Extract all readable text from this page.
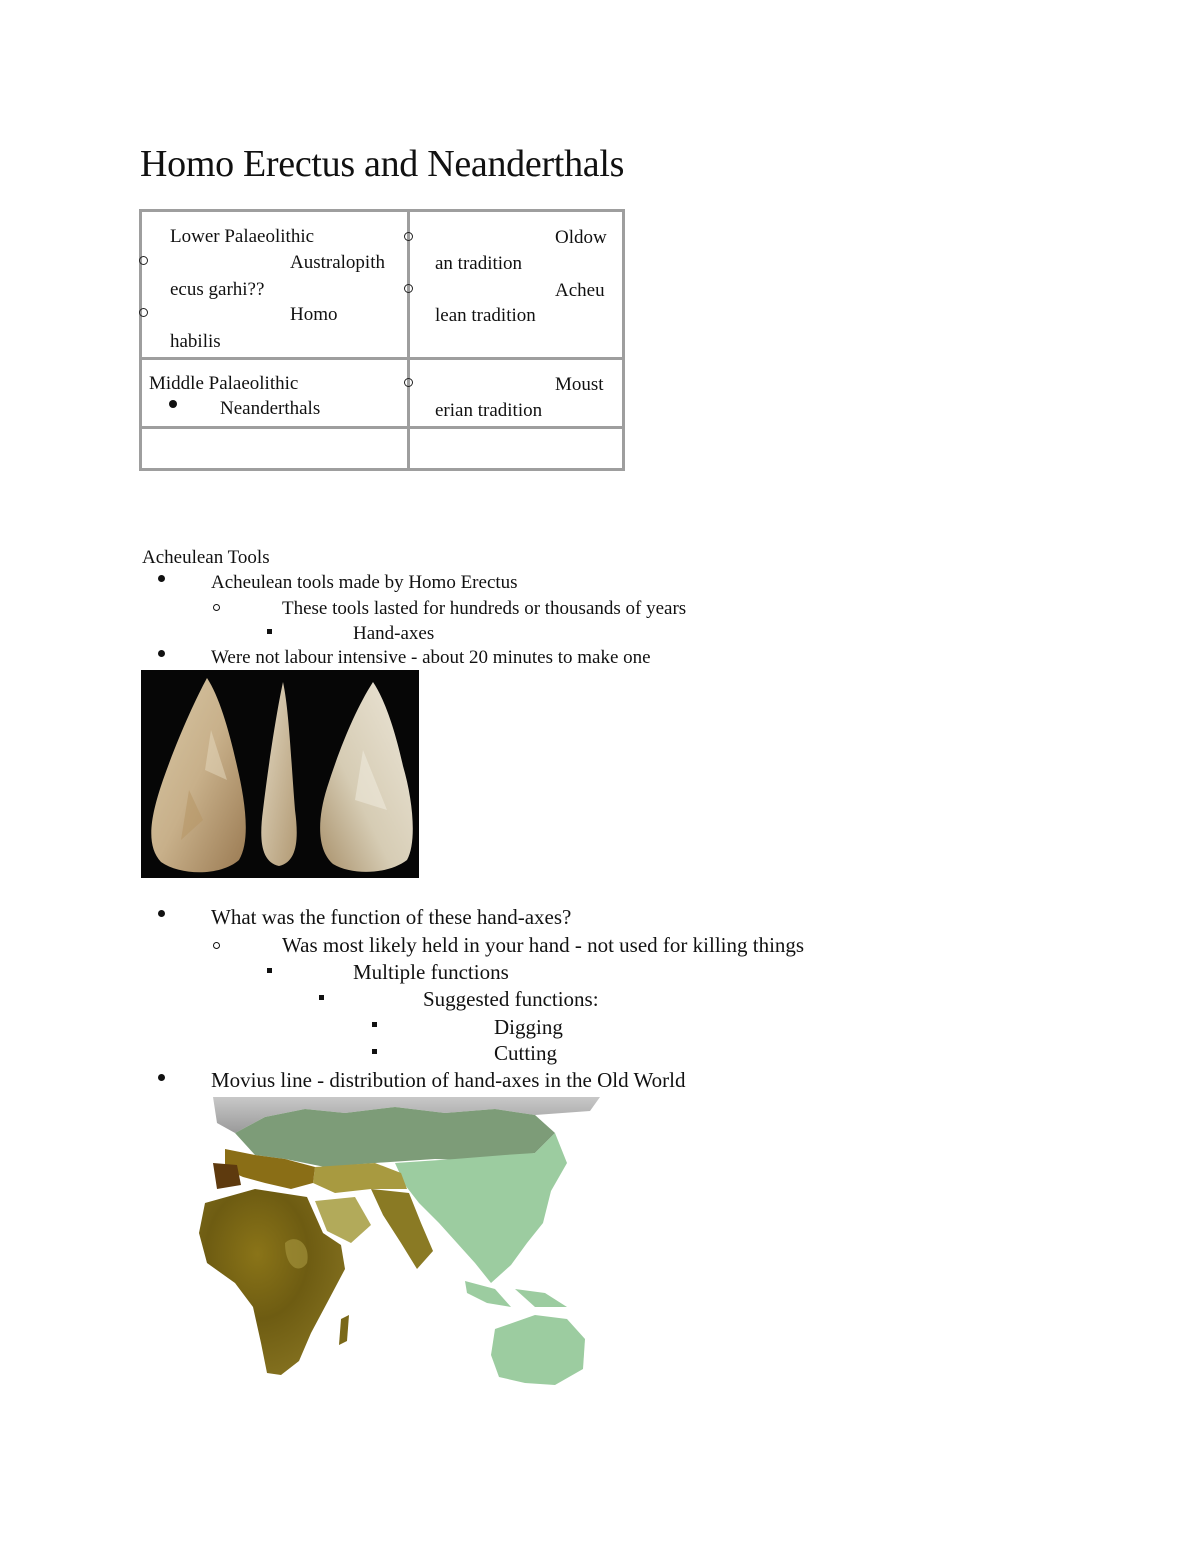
Homo Erectus and Neanderthals
Lower Palaeolithic
Australopith
ecus garhi??
Homo
habilis
Oldow
an tradition
Acheu
lean tradition
Middle Palaeolithic
Neanderthals
Moust
erian tradition
Acheulean Tools
Acheulean tools made by Homo Erectus
These tools lasted for hundreds or thousands of years
Hand-axes
Were not labour intensive - about 20 minutes to make one
What was the function of these hand-axes?
Was most likely held in your hand - not used for killing things
Multiple functions
Suggested functions:
Digging
Cutting
Movius line - distribution of hand-axes in the Old World
